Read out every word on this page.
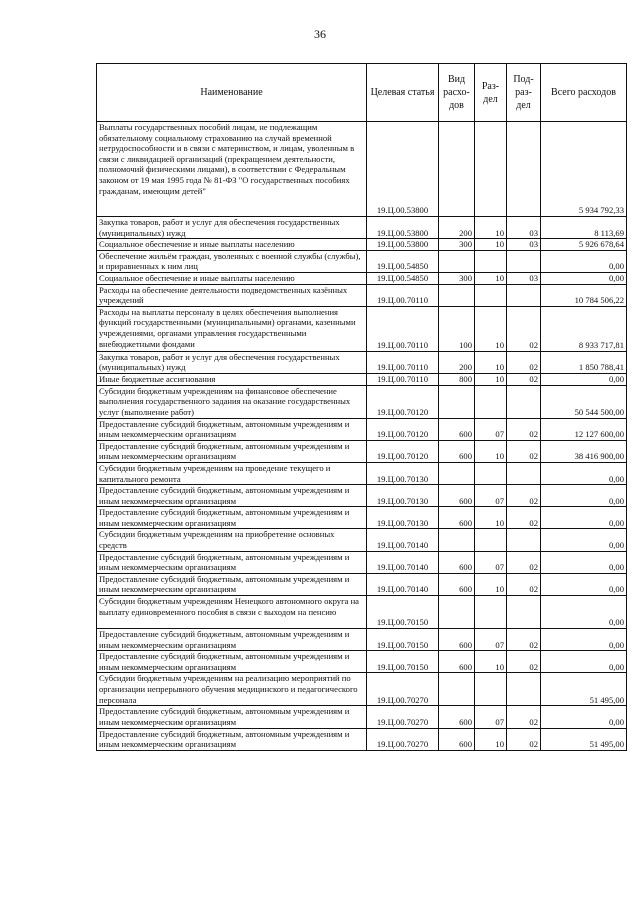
36
Наименование	Целевая статья	Вид расхо-дов	Раз-дел	Под-раз-дел	Всего расходов
Выплаты государственных пособий лицам, не подлежащим обязательному социальному страхованию на случай временной нетрудоспособности и в связи с материнством, и лицам, уволенным в связи с ликвидацией организаций (прекращением деятельности, полномочий физическими лицами), в соответствии с Федеральным законом от 19 мая 1995 года № 81-ФЗ "О государственных пособиях гражданам, имеющим детей"	19.Ц.00.53800				5 934 792,33
Закупка товаров, работ и услуг для обеспечения государственных (муниципальных) нужд	19.Ц.00.53800	200	10	03	8 113,69
Социальное обеспечение и иные выплаты населению	19.Ц.00.53800	300	10	03	5 926 678,64
Обеспечение жильём граждан, уволенных с военной службы (службы), и приравненных к ним лиц	19.Ц.00.54850				0,00
Социальное обеспечение и иные выплаты населению	19.Ц.00.54850	300	10	03	0,00
Расходы на обеспечение деятельности подведомственных казённых учреждений	19.Ц.00.70110				10 784 506,22
Расходы на выплаты персоналу в целях обеспечения выполнения функций государственными (муниципальными) органами, казенными учреждениями, органами управления государственными внебюджетными фондами	19.Ц.00.70110	100	10	02	8 933 717,81
Закупка товаров, работ и услуг для обеспечения государственных (муниципальных) нужд	19.Ц.00.70110	200	10	02	1 850 788,41
Иные бюджетные ассигнования	19.Ц.00.70110	800	10	02	0,00
Субсидии бюджетным учреждениям на финансовое обеспечение выполнения государственного задания на оказание государственных услуг (выполнение работ)	19.Ц.00.70120				50 544 500,00
Предоставление субсидий бюджетным, автономным учреждениям и иным некоммерческим организациям	19.Ц.00.70120	600	07	02	12 127 600,00
Предоставление субсидий бюджетным, автономным учреждениям и иным некоммерческим организациям	19.Ц.00.70120	600	10	02	38 416 900,00
Субсидии бюджетным учреждениям на проведение текущего и капитального ремонта	19.Ц.00.70130				0,00
Предоставление субсидий бюджетным, автономным учреждениям и иным некоммерческим организациям	19.Ц.00.70130	600	07	02	0,00
Предоставление субсидий бюджетным, автономным учреждениям и иным некоммерческим организациям	19.Ц.00.70130	600	10	02	0,00
Субсидии бюджетным учреждениям на приобретение основных средств	19.Ц.00.70140				0,00
Предоставление субсидий бюджетным, автономным учреждениям и иным некоммерческим организациям	19.Ц.00.70140	600	07	02	0,00
Предоставление субсидий бюджетным, автономным учреждениям и иным некоммерческим организациям	19.Ц.00.70140	600	10	02	0,00
Субсидии бюджетным учреждениям Ненецкого автономного округа на выплату единовременного пособия в связи с выходом на пенсию	19.Ц.00.70150				0,00
Предоставление субсидий бюджетным, автономным учреждениям и иным некоммерческим организациям	19.Ц.00.70150	600	07	02	0,00
Предоставление субсидий бюджетным, автономным учреждениям и иным некоммерческим организациям	19.Ц.00.70150	600	10	02	0,00
Субсидии бюджетным учреждениям на реализацию мероприятий по организации непрерывного обучения медицинского и педагогического персонала	19.Ц.00.70270				51 495,00
Предоставление субсидий бюджетным, автономным учреждениям и иным некоммерческим организациям	19.Ц.00.70270	600	07	02	0,00
Предоставление субсидий бюджетным, автономным учреждениям и иным некоммерческим организациям	19.Ц.00.70270	600	10	02	51 495,00
